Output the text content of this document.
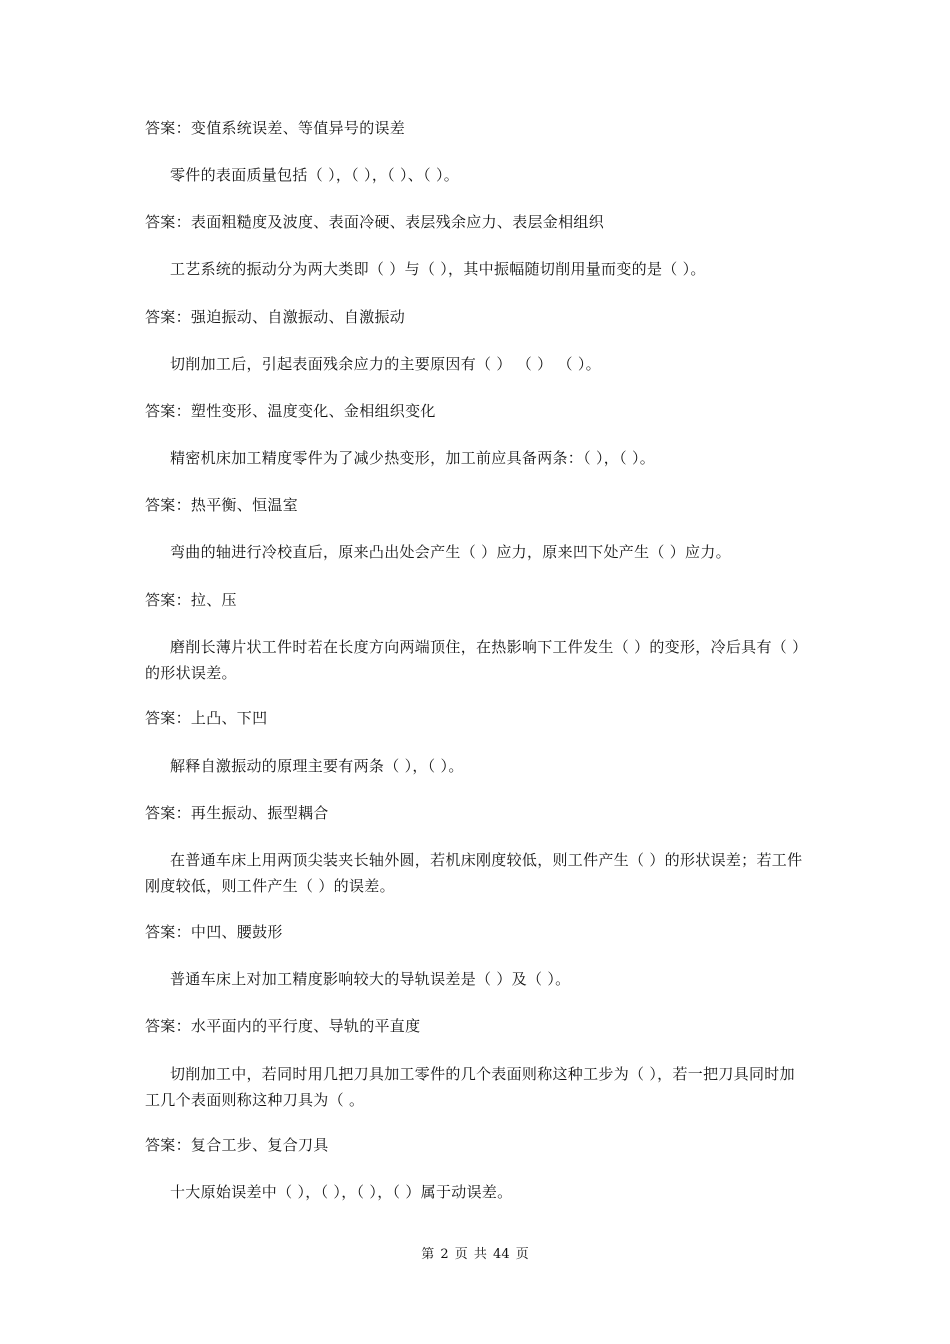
答案：变值系统误差、等值异号的误差
零件的表面质量包括（ ），（ ），（ ）、（ ）。
答案：表面粗糙度及波度、表面冷硬、表层残余应力、表层金相组织
工艺系统的振动分为两大类即（ ）与（ ），其中振幅随切削用量而变的是（ ）。
答案：强迫振动、自激振动、自激振动
切削加工后，引起表面残余应力的主要原因有（ ） （ ） （ ）。
答案：塑性变形、温度变化、金相组织变化
精密机床加工精度零件为了减少热变形，加工前应具备两条：（ ），（ ）。
答案：热平衡、恒温室
弯曲的轴进行冷校直后，原来凸出处会产生（ ）应力，原来凹下处产生（ ）应力。
答案：拉、压
磨削长薄片状工件时若在长度方向两端顶住，在热影响下工件发生（ ）的变形，冷后具有（ ）的形状误差。
答案：上凸、下凹
解释自激振动的原理主要有两条（ ），（ ）。
答案：再生振动、振型耦合
在普通车床上用两顶尖装夹长轴外圆，若机床刚度较低，则工件产生（ ）的形状误差；若工件刚度较低，则工件产生（ ）的误差。
答案：中凹、腰鼓形
普通车床上对加工精度影响较大的导轨误差是（ ）及（ ）。
答案：水平面内的平行度、导轨的平直度
切削加工中，若同时用几把刀具加工零件的几个表面则称这种工步为（ ），若一把刀具同时加工几个表面则称这种刀具为（ 。
答案：复合工步、复合刀具
十大原始误差中（ ），（ ），（ ），（ ）属于动误差。
第 2 页 共 44 页
